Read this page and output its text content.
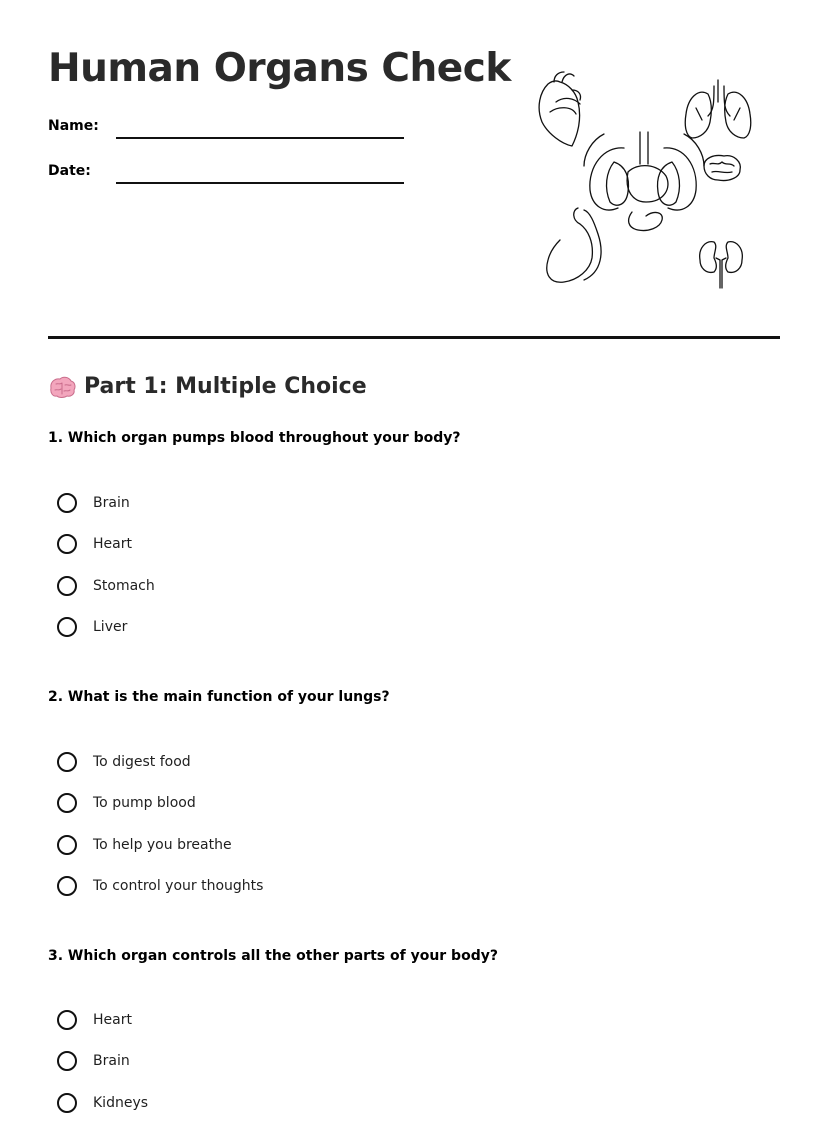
Human Organs Check
Name:
Date:
Part 1: Multiple Choice

1. Which organ pumps blood throughout your body?

Brain
Heart
Stomach
Liver

2. What is the main function of your lungs?

To digest food
To pump blood
To help you breathe
To control your thoughts

3. Which organ controls all the other parts of your body?

Heart
Brain
Kidneys
